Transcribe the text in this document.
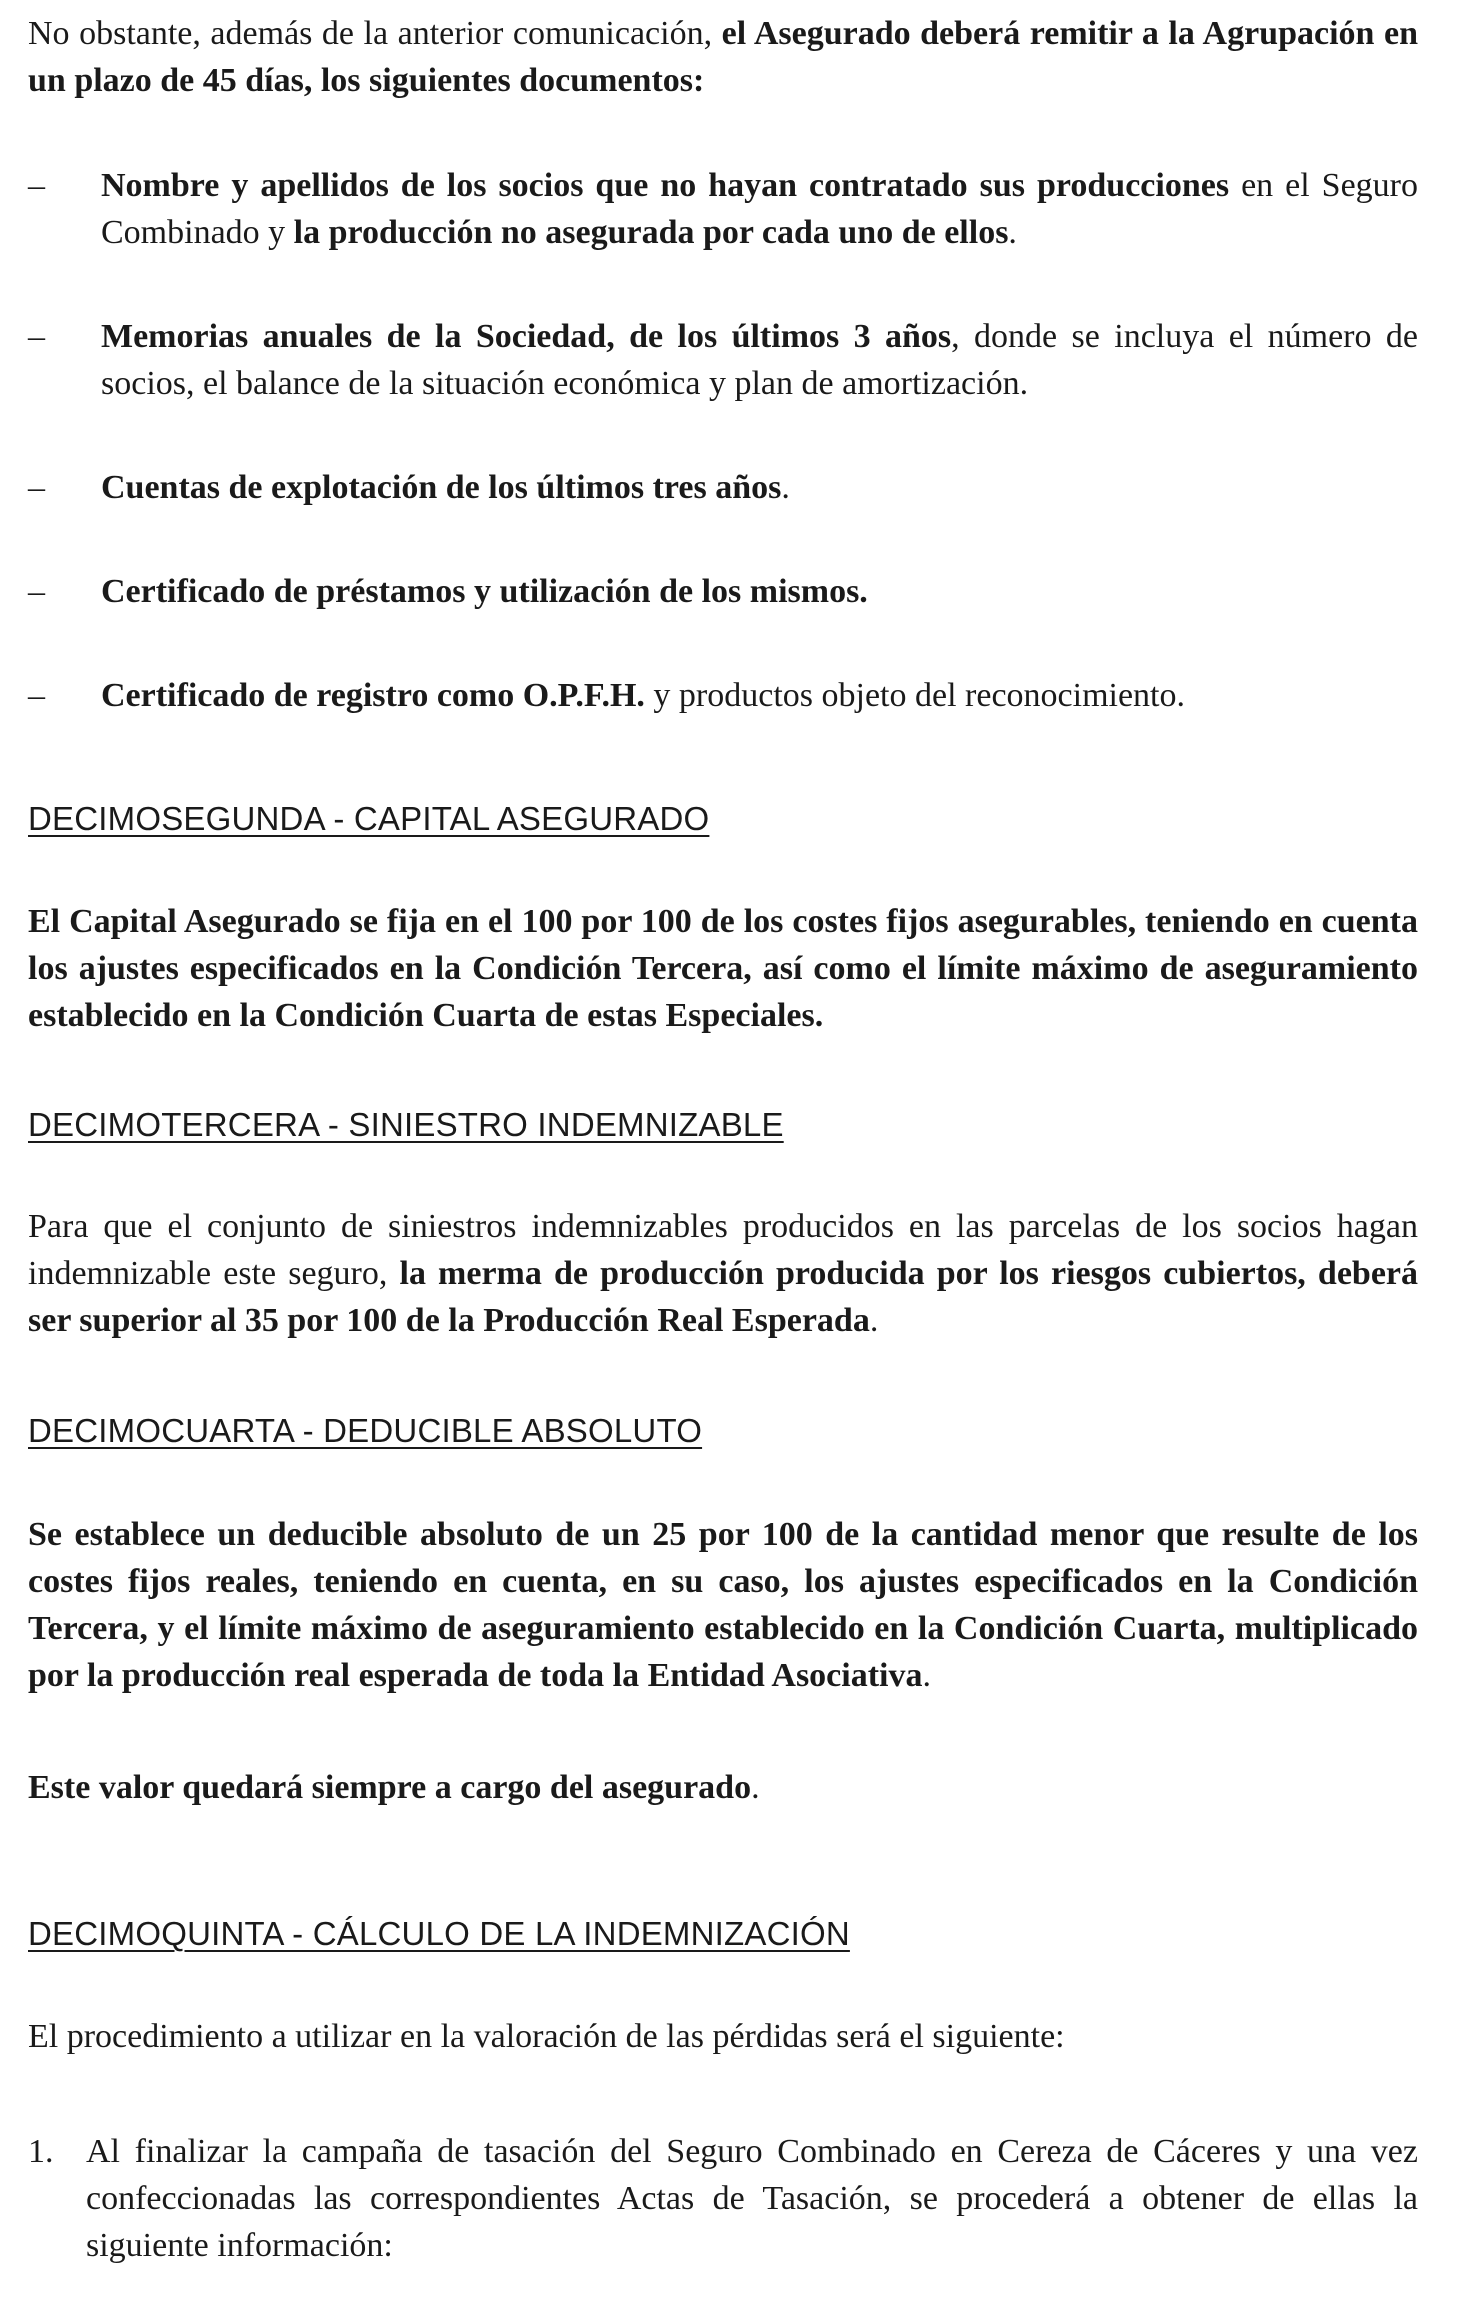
No obstante, además de la anterior comunicación, el Asegurado deberá remitir a la Agrupación en un plazo de 45 días, los siguientes documentos:

– Nombre y apellidos de los socios que no hayan contratado sus producciones en el Seguro Combinado y la producción no asegurada por cada uno de ellos.
– Memorias anuales de la Sociedad, de los últimos 3 años, donde se incluya el número de socios, el balance de la situación económica y plan de amortización.
– Cuentas de explotación de los últimos tres años.
– Certificado de préstamos y utilización de los mismos.
– Certificado de registro como O.P.F.H. y productos objeto del reconocimiento.
DECIMOSEGUNDA - CAPITAL ASEGURADO

El Capital Asegurado se fija en el 100 por 100 de los costes fijos asegurables, teniendo en cuenta los ajustes especificados en la Condición Tercera, así como el límite máximo de aseguramiento establecido en la Condición Cuarta de estas Especiales.

DECIMOTERCERA - SINIESTRO INDEMNIZABLE

Para que el conjunto de siniestros indemnizables producidos en las parcelas de los socios hagan indemnizable este seguro, la merma de producción producida por los riesgos cubiertos, deberá ser superior al 35 por 100 de la Producción Real Esperada.

DECIMOCUARTA - DEDUCIBLE ABSOLUTO

Se establece un deducible absoluto de un 25 por 100 de la cantidad menor que resulte de los costes fijos reales, teniendo en cuenta, en su caso, los ajustes especificados en la Condición Tercera, y el límite máximo de aseguramiento establecido en la Condición Cuarta, multiplicado por la producción real esperada de toda la Entidad Asociativa.

Este valor quedará siempre a cargo del asegurado.

DECIMOQUINTA - CÁLCULO DE LA INDEMNIZACIÓN

El procedimiento a utilizar en la valoración de las pérdidas será el siguiente:

1. Al finalizar la campaña de tasación del Seguro Combinado en Cereza de Cáceres y una vez confeccionadas las correspondientes Actas de Tasación, se procederá a obtener de ellas la siguiente información:
